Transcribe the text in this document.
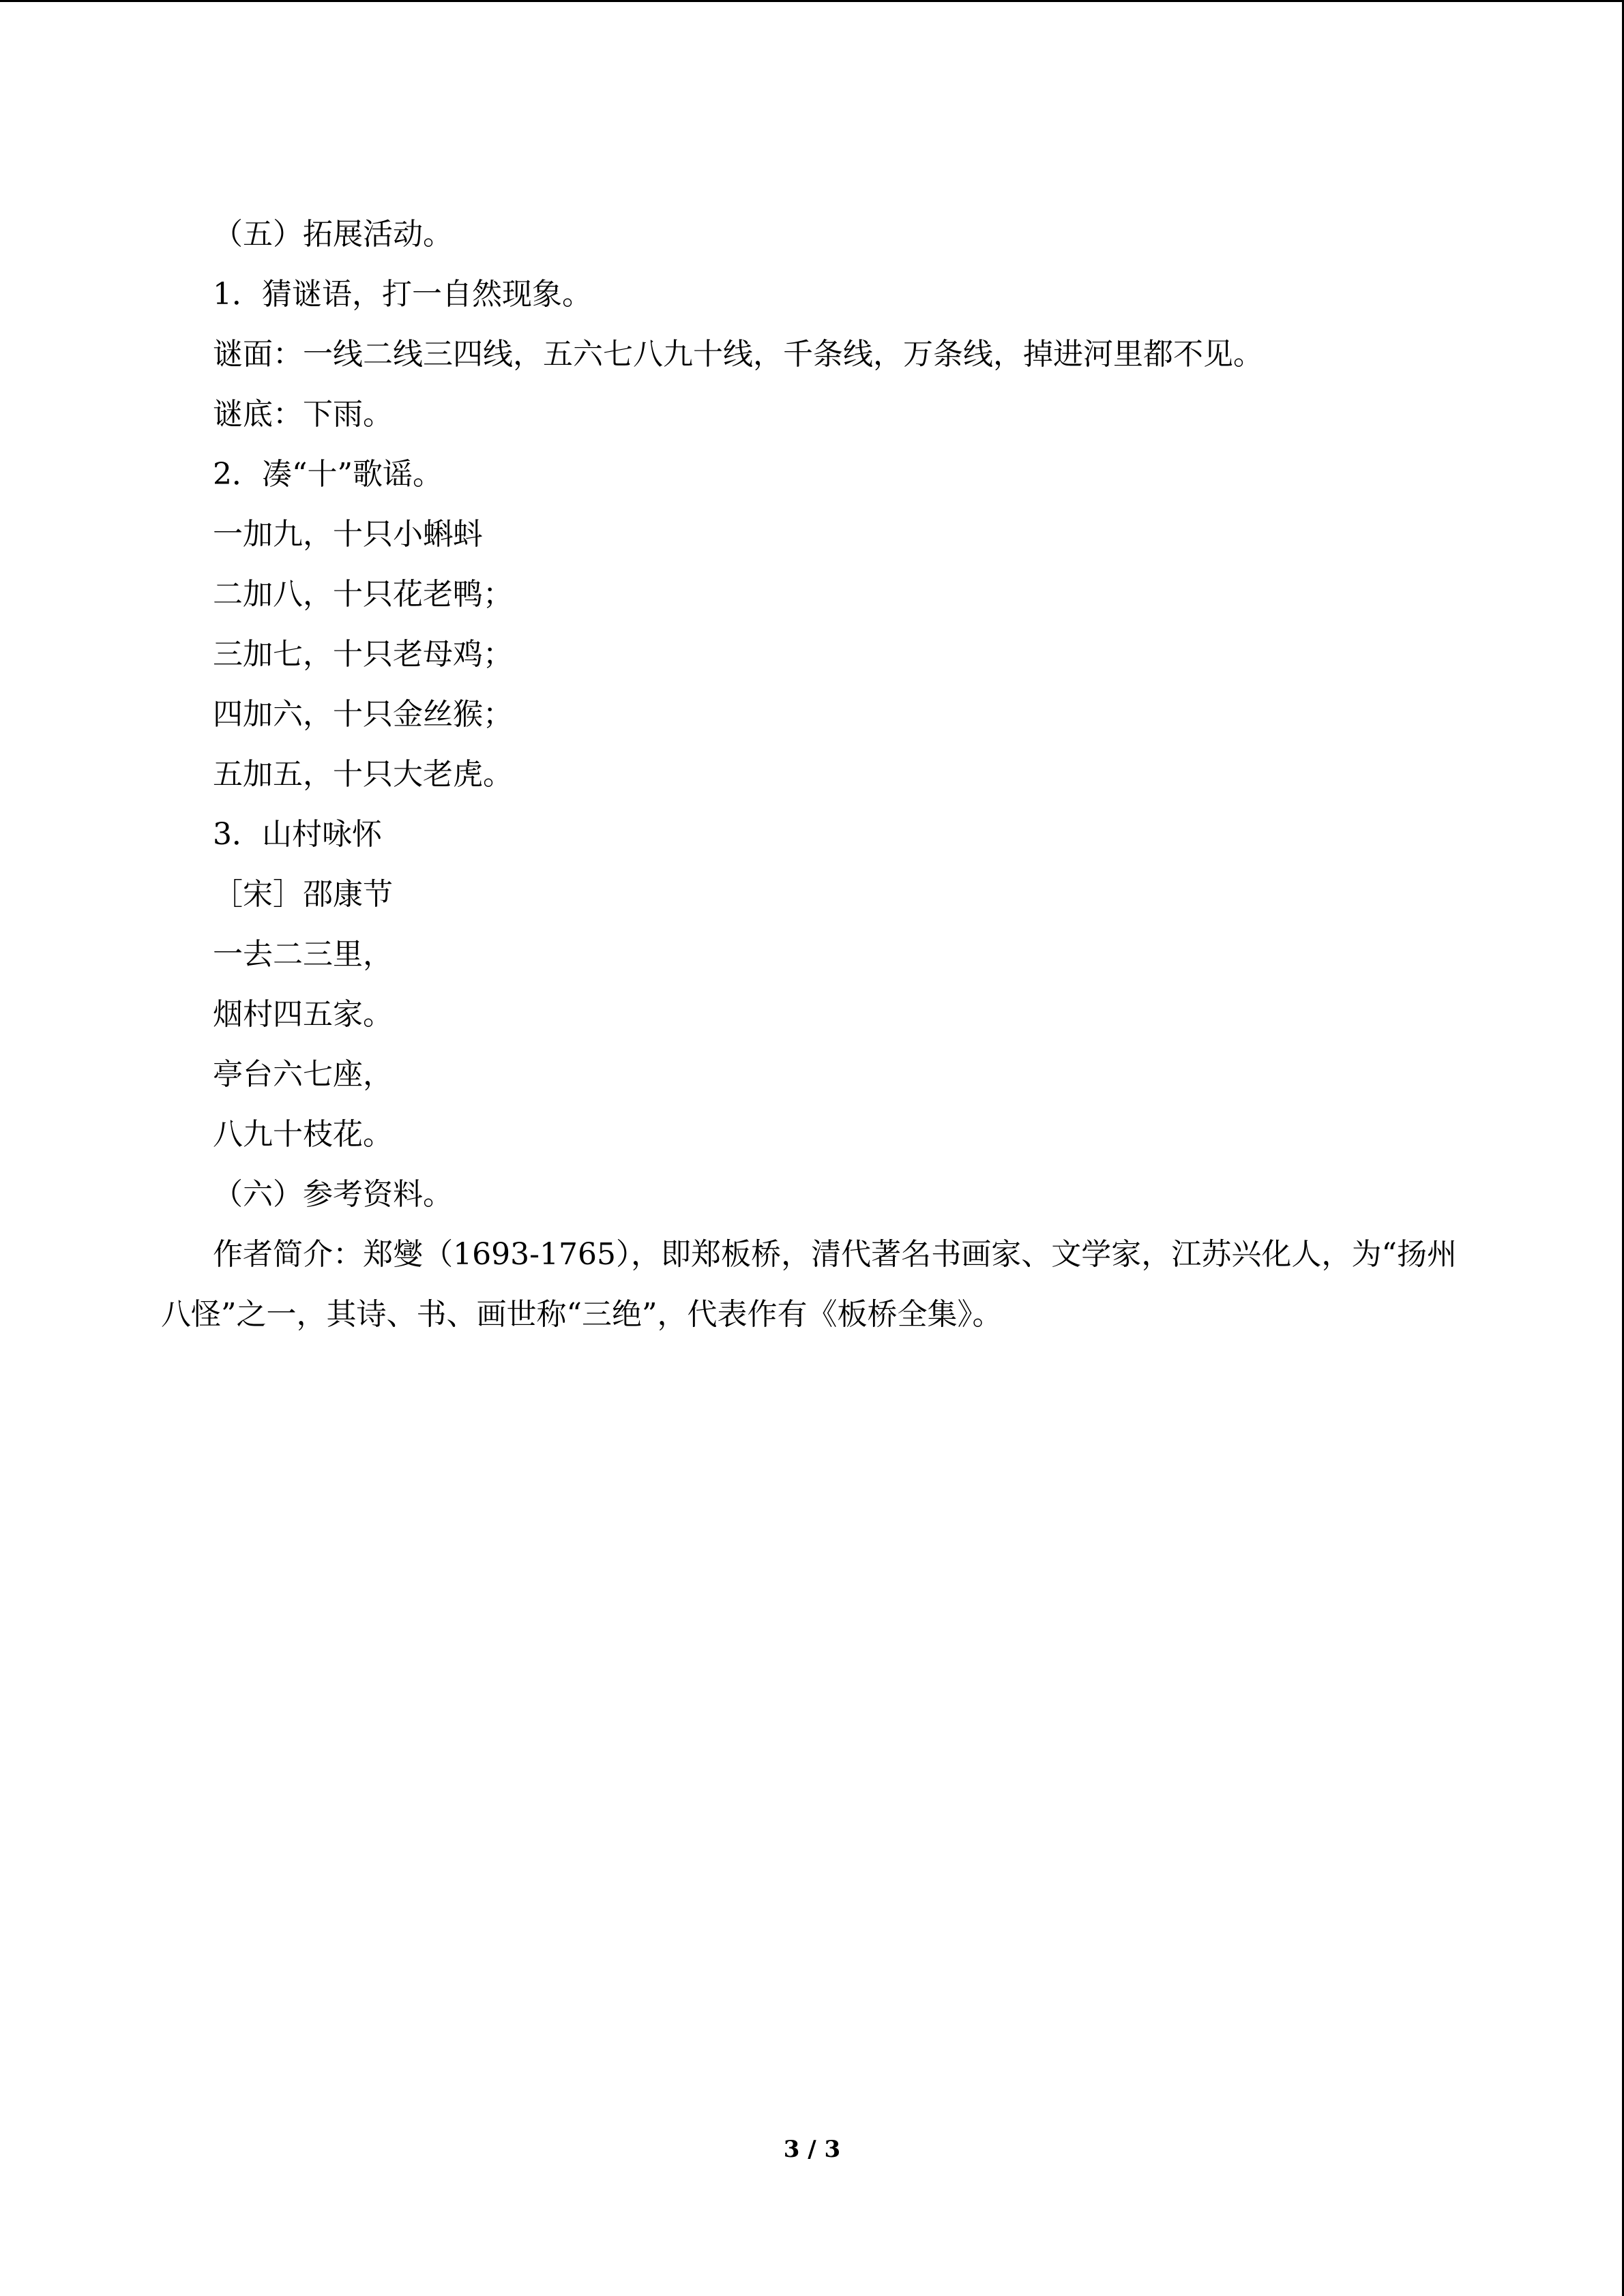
（五）拓展活动。
1．猜谜语，打一自然现象。
谜面：一线二线三四线，五六七八九十线，千条线，万条线，掉进河里都不见。
谜底：下雨。
2．凑“十”歌谣。
一加九，十只小蝌蚪
二加八，十只花老鸭；
三加七，十只老母鸡；
四加六，十只金丝猴；
五加五，十只大老虎。
3．山村咏怀
［宋］邵康节
一去二三里，
烟村四五家。
亭台六七座，
八九十枝花。
（六）参考资料。
作者简介：郑燮（1693-1765），即郑板桥，清代著名书画家、文学家，江苏兴化人，为“扬州八怪”之一，其诗、书、画世称“三绝”，代表作有《板桥全集》。
3 / 3
